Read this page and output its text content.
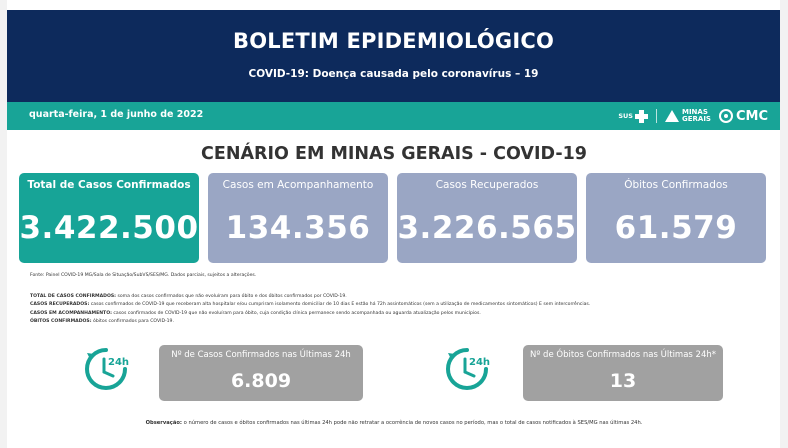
BOLETIM EPIDEMIOLÓGICO
COVID-19: Doença causada pelo coronavírus – 19
quarta-feira, 1 de junho de 2022	SUS	MINAS
GERAIS CMC
CENÁRIO EM MINAS GERAIS - COVID-19
Total de Casos Confirmados
3.422.500
Casos em Acompanhamento
134.356
Casos Recuperados
3.226.565
Óbitos Confirmados
61.579
Fonte: Painel COVID-19 MG/Sala de Situação/SubVS/SES/MG. Dados parciais, sujeitos a alterações.
TOTAL DE CASOS CONFIRMADOS: soma dos casos confirmados que não evoluíram para óbito e dos óbitos confirmados por COVID-19.
CASOS RECUPERADOS: casos confirmados de COVID-19 que receberam alta hospitalar e/ou cumpriram isolamento domiciliar de 10 dias E estão há 72h assintomáticos (sem a utilização de medicamentos sintomáticos) E sem intercorrências.
CASOS EM ACOMPANHAMENTO: casos confirmados de COVID-19 que não evoluíram para óbito, cuja condição clínica permanece sendo acompanhada ou aguarda atualização pelos municípios.
ÓBITOS CONFIRMADOS: óbitos confirmados para COVID-19.
24h
Nº de Casos Confirmados nas Últimas 24h
6.809
24h
Nº de Óbitos Confirmados nas Últimas 24h*
13
Observação: o número de casos e óbitos confirmados nas últimas 24h pode não retratar a ocorrência de novos casos no período, mas o total de casos notificados à SES/MG nas últimas 24h.
